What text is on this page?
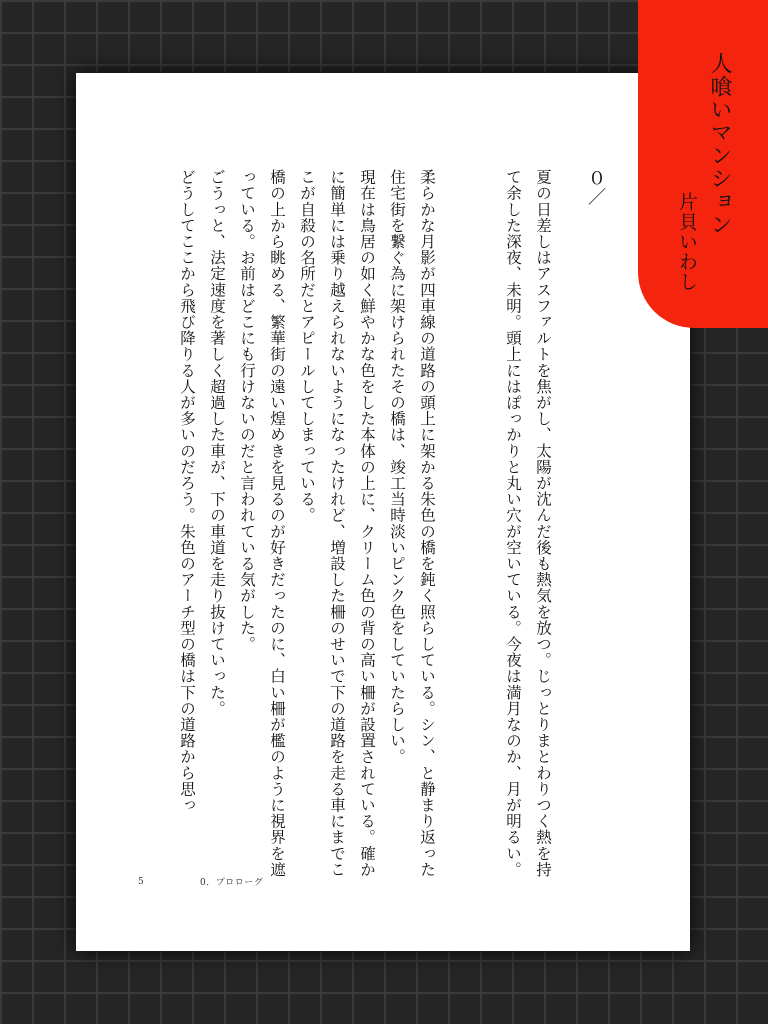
０／

夏の日差しはアスファルトを焦がし、太陽が沈んだ後も熱気を放つ。じっとりまとわりつく熱を持て余した深夜、未明。頭上にはぽっかりと丸い穴が空いている。今夜は満月なのか、月が明るい。

柔らかな月影が四車線の道路の頭上に架かる朱色の橋を鈍く照らしている。シン、と静まり返った住宅街を繋ぐ為に架けられたその橋は、竣工当時淡いピンク色をしていたらしい。

現在は鳥居の如く鮮やかな色をした本体の上に、クリーム色の背の高い柵が設置されている。確かに簡単には乗り越えられないようになったけれど、増設した柵のせいで下の道路を走る車にまでここが自殺の名所だとアピールしてしまっている。

橋の上から眺める、繁華街の遠い煌めきを見るのが好きだったのに、白い柵が檻のように視界を遮っている。お前はどこにも行けないのだと言われている気がした。

ごうっと、法定速度を著しく超過した車が、下の車道を走り抜けていった。

どうしてここから飛び降りる人が多いのだろう。朱色のアーチ型の橋は下の道路から思っ

5	0．プロローグ
人喰いマンション
片貝いわし
